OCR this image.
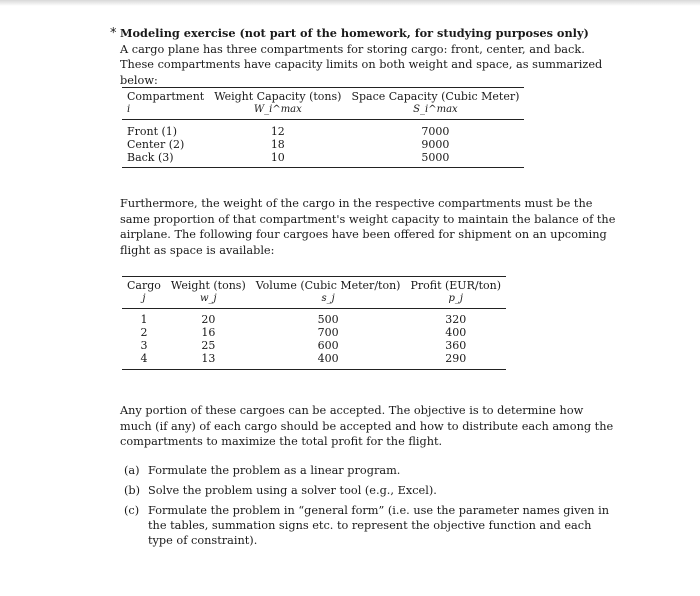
* Modeling exercise (not part of the homework, for studying purposes only)
A cargo plane has three compartments for storing cargo: front, center, and back. These compartments have capacity limits on both weight and space, as summarized below:
Compartment	Weight Capacity (tons)	Space Capacity (Cubic Meter)
i	W_i^max	S_i^max
Front (1)	12	7000
Center (2)	18	9000
Back (3)	10	5000
Furthermore, the weight of the cargo in the respective compartments must be the same proportion of that compartment's weight capacity to maintain the balance of the airplane. The following four cargoes have been offered for shipment on an upcoming flight as space is available:
Cargo	Weight (tons)	Volume (Cubic Meter/ton)	Profit (EUR/ton)
j	w_j	s_j	p_j
1	20	500	320
2	16	700	400
3	25	600	360
4	13	400	290
Any portion of these cargoes can be accepted. The objective is to determine how much (if any) of each cargo should be accepted and how to distribute each among the compartments to maximize the total profit for the flight.
(a) Formulate the problem as a linear program.
(b) Solve the problem using a solver tool (e.g., Excel).
(c) Formulate the problem in “general form” (i.e. use the parameter names given in the tables, summation signs etc. to represent the objective function and each type of constraint).
